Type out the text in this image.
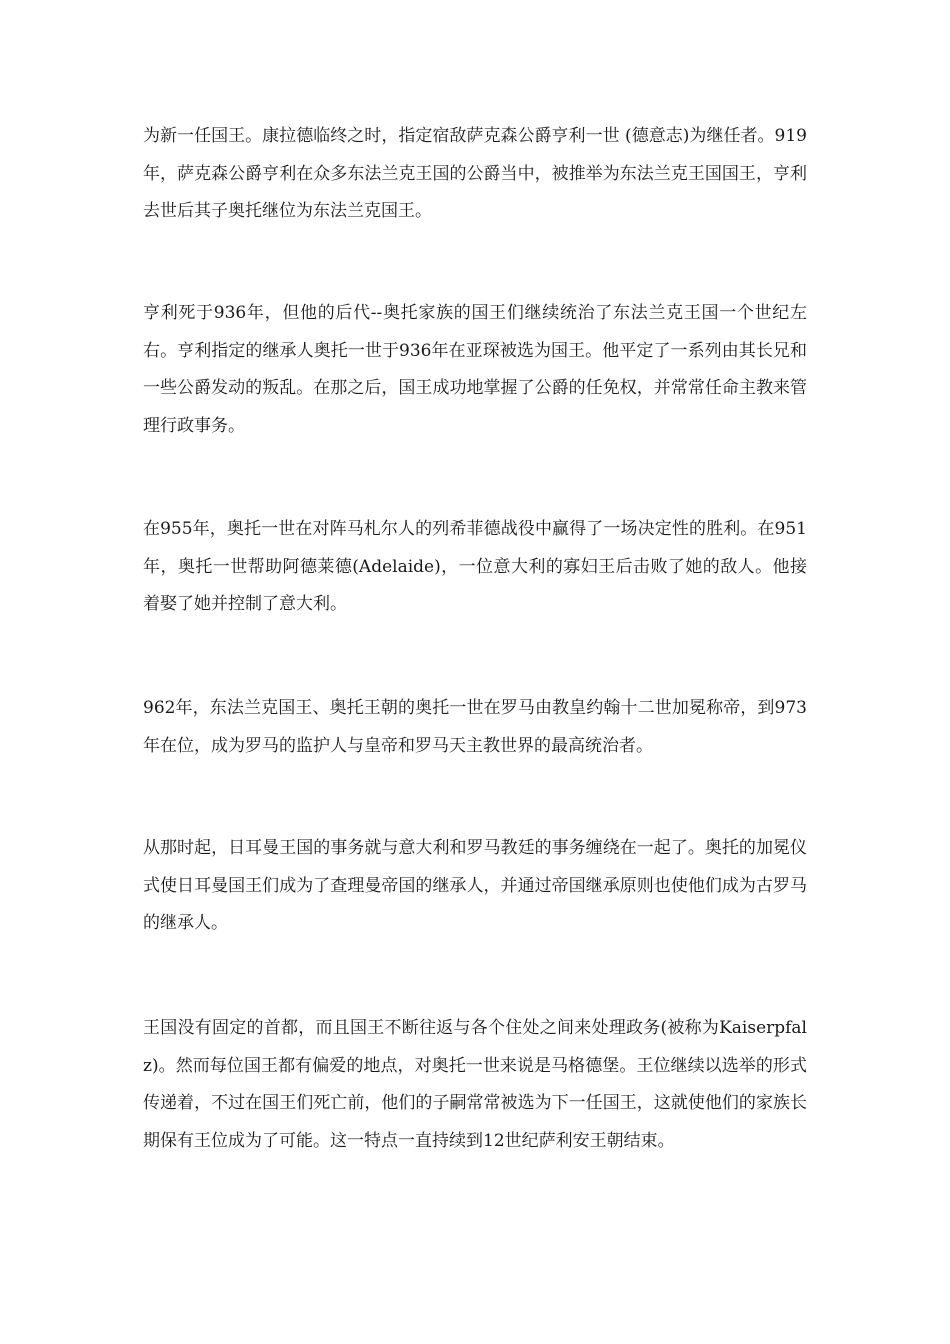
为新一任国王。康拉德临终之时，指定宿敌萨克森公爵亨利一世 (德意志)为继任者。919年，萨克森公爵亨利在众多东法兰克王国的公爵当中，被推举为东法兰克王国国王，亨利去世后其子奥托继位为东法兰克国王。

亨利死于936年，但他的后代--奥托家族的国王们继续统治了东法兰克王国一个世纪左右。亨利指定的继承人奥托一世于936年在亚琛被选为国王。他平定了一系列由其长兄和一些公爵发动的叛乱。在那之后，国王成功地掌握了公爵的任免权，并常常任命主教来管理行政事务。

在955年，奥托一世在对阵马札尔人的列希菲德战役中赢得了一场决定性的胜利。在951年，奥托一世帮助阿德莱德(Adelaide)，一位意大利的寡妇王后击败了她的敌人。他接着娶了她并控制了意大利。

962年，东法兰克国王、奥托王朝的奥托一世在罗马由教皇约翰十二世加冕称帝，到973年在位，成为罗马的监护人与皇帝和罗马天主教世界的最高统治者。

从那时起，日耳曼王国的事务就与意大利和罗马教廷的事务缠绕在一起了。奥托的加冕仪式使日耳曼国王们成为了查理曼帝国的继承人，并通过帝国继承原则也使他们成为古罗马的继承人。

王国没有固定的首都，而且国王不断往返与各个住处之间来处理政务(被称为Kaiserpfalz)。然而每位国王都有偏爱的地点，对奥托一世来说是马格德堡。王位继续以选举的形式传递着，不过在国王们死亡前，他们的子嗣常常被选为下一任国王，这就使他们的家族长期保有王位成为了可能。这一特点一直持续到12世纪萨利安王朝结束。
